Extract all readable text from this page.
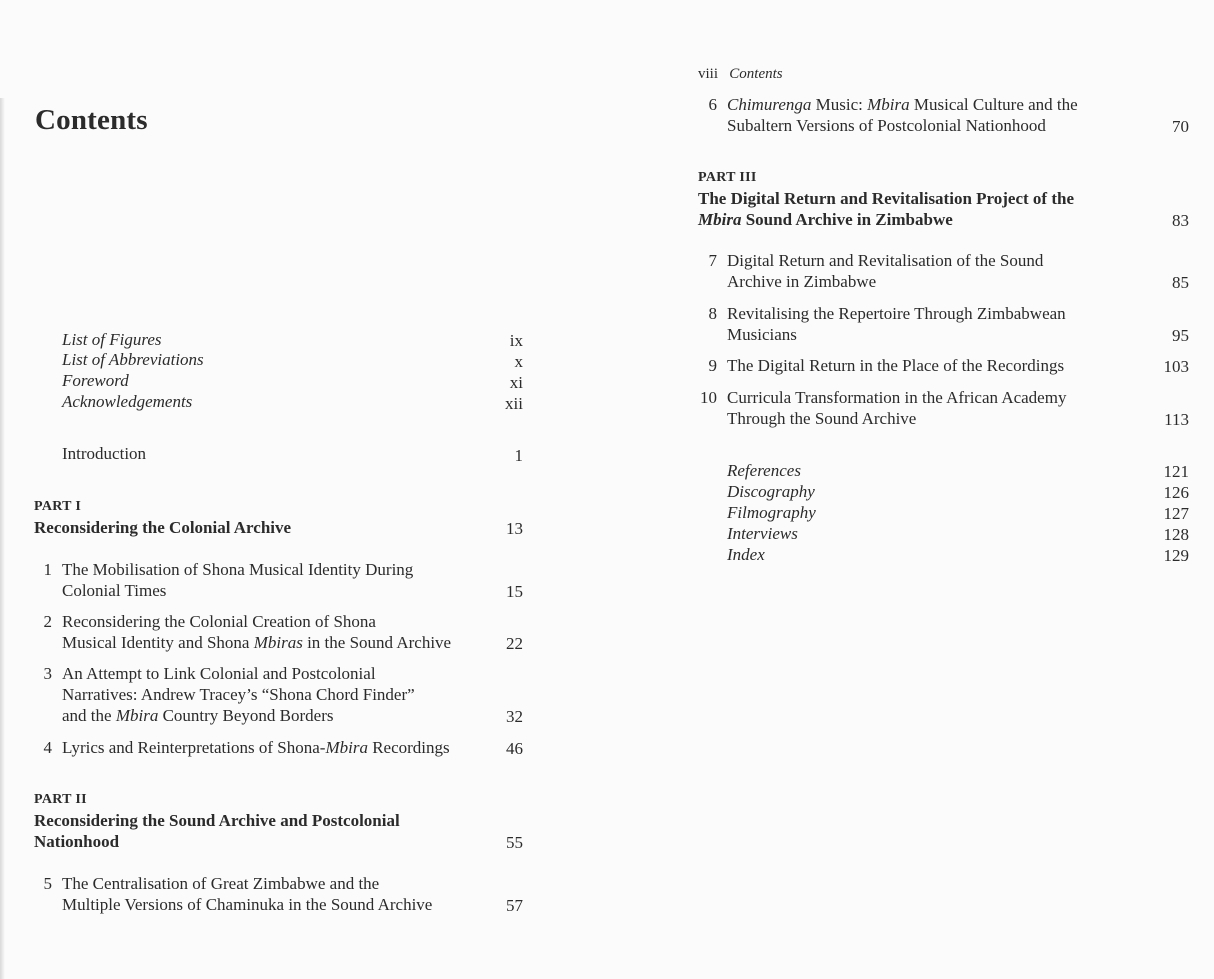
Contents
List of Figures	ix
List of Abbreviations	x
Foreword	xi
Acknowledgements	xii
Introduction	1
PART I
Reconsidering the Colonial Archive	13
1 The Mobilisation of Shona Musical Identity During
Colonial Times	15
2 Reconsidering the Colonial Creation of Shona
Musical Identity and Shona Mbiras in the Sound Archive	22
3 An Attempt to Link Colonial and Postcolonial
Narratives: Andrew Tracey’s “Shona Chord Finder”
and the Mbira Country Beyond Borders	32
4 Lyrics and Reinterpretations of Shona-Mbira Recordings	46
PART II
Reconsidering the Sound Archive and Postcolonial
Nationhood	55
5 The Centralisation of Great Zimbabwe and the
Multiple Versions of Chaminuka in the Sound Archive	57
viii Contents
6 Chimurenga Music: Mbira Musical Culture and the
Subaltern Versions of Postcolonial Nationhood	70
PART III
The Digital Return and Revitalisation Project of the
Mbira Sound Archive in Zimbabwe	83
7 Digital Return and Revitalisation of the Sound
Archive in Zimbabwe	85
8 Revitalising the Repertoire Through Zimbabwean
Musicians	95
9 The Digital Return in the Place of the Recordings	103
10 Curricula Transformation in the African Academy
Through the Sound Archive	113
References	121
Discography	126
Filmography	127
Interviews	128
Index	129
